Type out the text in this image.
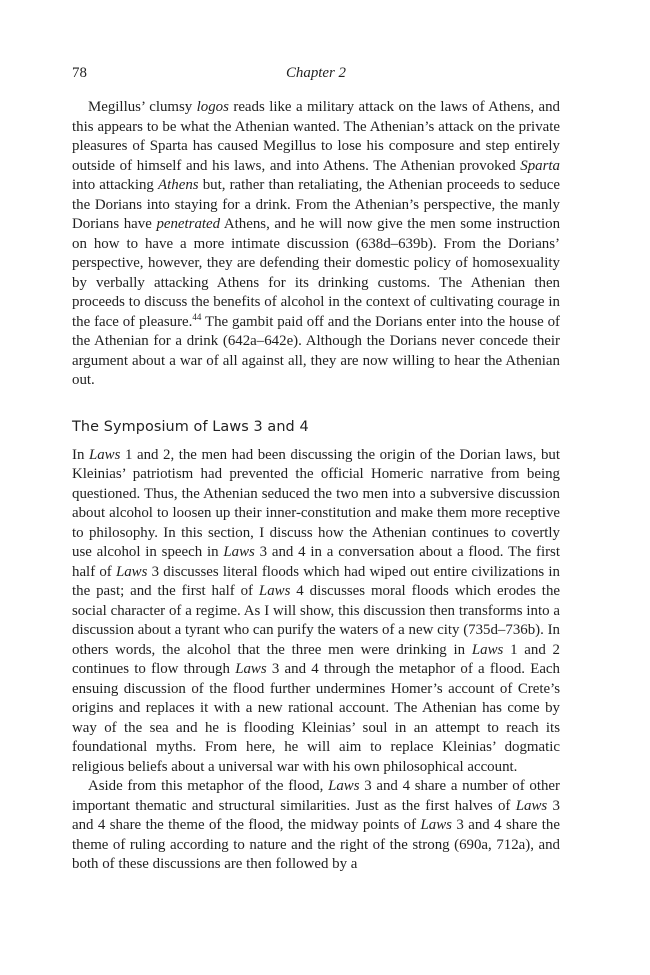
78	Chapter 2

Megillus’ clumsy logos reads like a military attack on the laws of Athens, and this appears to be what the Athenian wanted. The Athenian’s attack on the private pleasures of Sparta has caused Megillus to lose his composure and step entirely outside of himself and his laws, and into Athens. The Athenian provoked Sparta into attacking Athens but, rather than retaliating, the Athenian proceeds to seduce the Dorians into staying for a drink. From the Athenian’s perspective, the manly Dorians have penetrated Athens, and he will now give the men some instruction on how to have a more intimate discussion (638d–639b). From the Dorians’ perspective, however, they are defending their domestic policy of homosexuality by verbally attacking Athens for its drinking customs. The Athenian then proceeds to discuss the benefits of alcohol in the context of cultivating courage in the face of pleasure.$^{44}$ The gambit paid off and the Dorians enter into the house of the Athenian for a drink (642a–642e). Although the Dorians never concede their argument about a war of all against all, they are now willing to hear the Athenian out.

The Symposium of Laws 3 and 4

In Laws 1 and 2, the men had been discussing the origin of the Dorian laws, but Kleinias’ patriotism had prevented the official Homeric narrative from being questioned. Thus, the Athenian seduced the two men into a subversive discussion about alcohol to loosen up their inner-constitution and make them more receptive to philosophy. In this section, I discuss how the Athenian continues to covertly use alcohol in speech in Laws 3 and 4 in a conversation about a flood. The first half of Laws 3 discusses literal floods which had wiped out entire civilizations in the past; and the first half of Laws 4 discusses moral floods which erodes the social character of a regime. As I will show, this discussion then transforms into a discussion about a tyrant who can purify the waters of a new city (735d–736b). In others words, the alcohol that the three men were drinking in Laws 1 and 2 continues to flow through Laws 3 and 4 through the metaphor of a flood. Each ensuing discussion of the flood further undermines Homer’s account of Crete’s origins and replaces it with a new rational account. The Athenian has come by way of the sea and he is flooding Kleinias’ soul in an attempt to reach its foundational myths. From here, he will aim to replace Kleinias’ dogmatic religious beliefs about a universal war with his own philosophical account.

Aside from this metaphor of the flood, Laws 3 and 4 share a number of other important thematic and structural similarities. Just as the first halves of Laws 3 and 4 share the theme of the flood, the midway points of Laws 3 and 4 share the theme of ruling according to nature and the right of the strong (690a, 712a), and both of these discussions are then followed by a
